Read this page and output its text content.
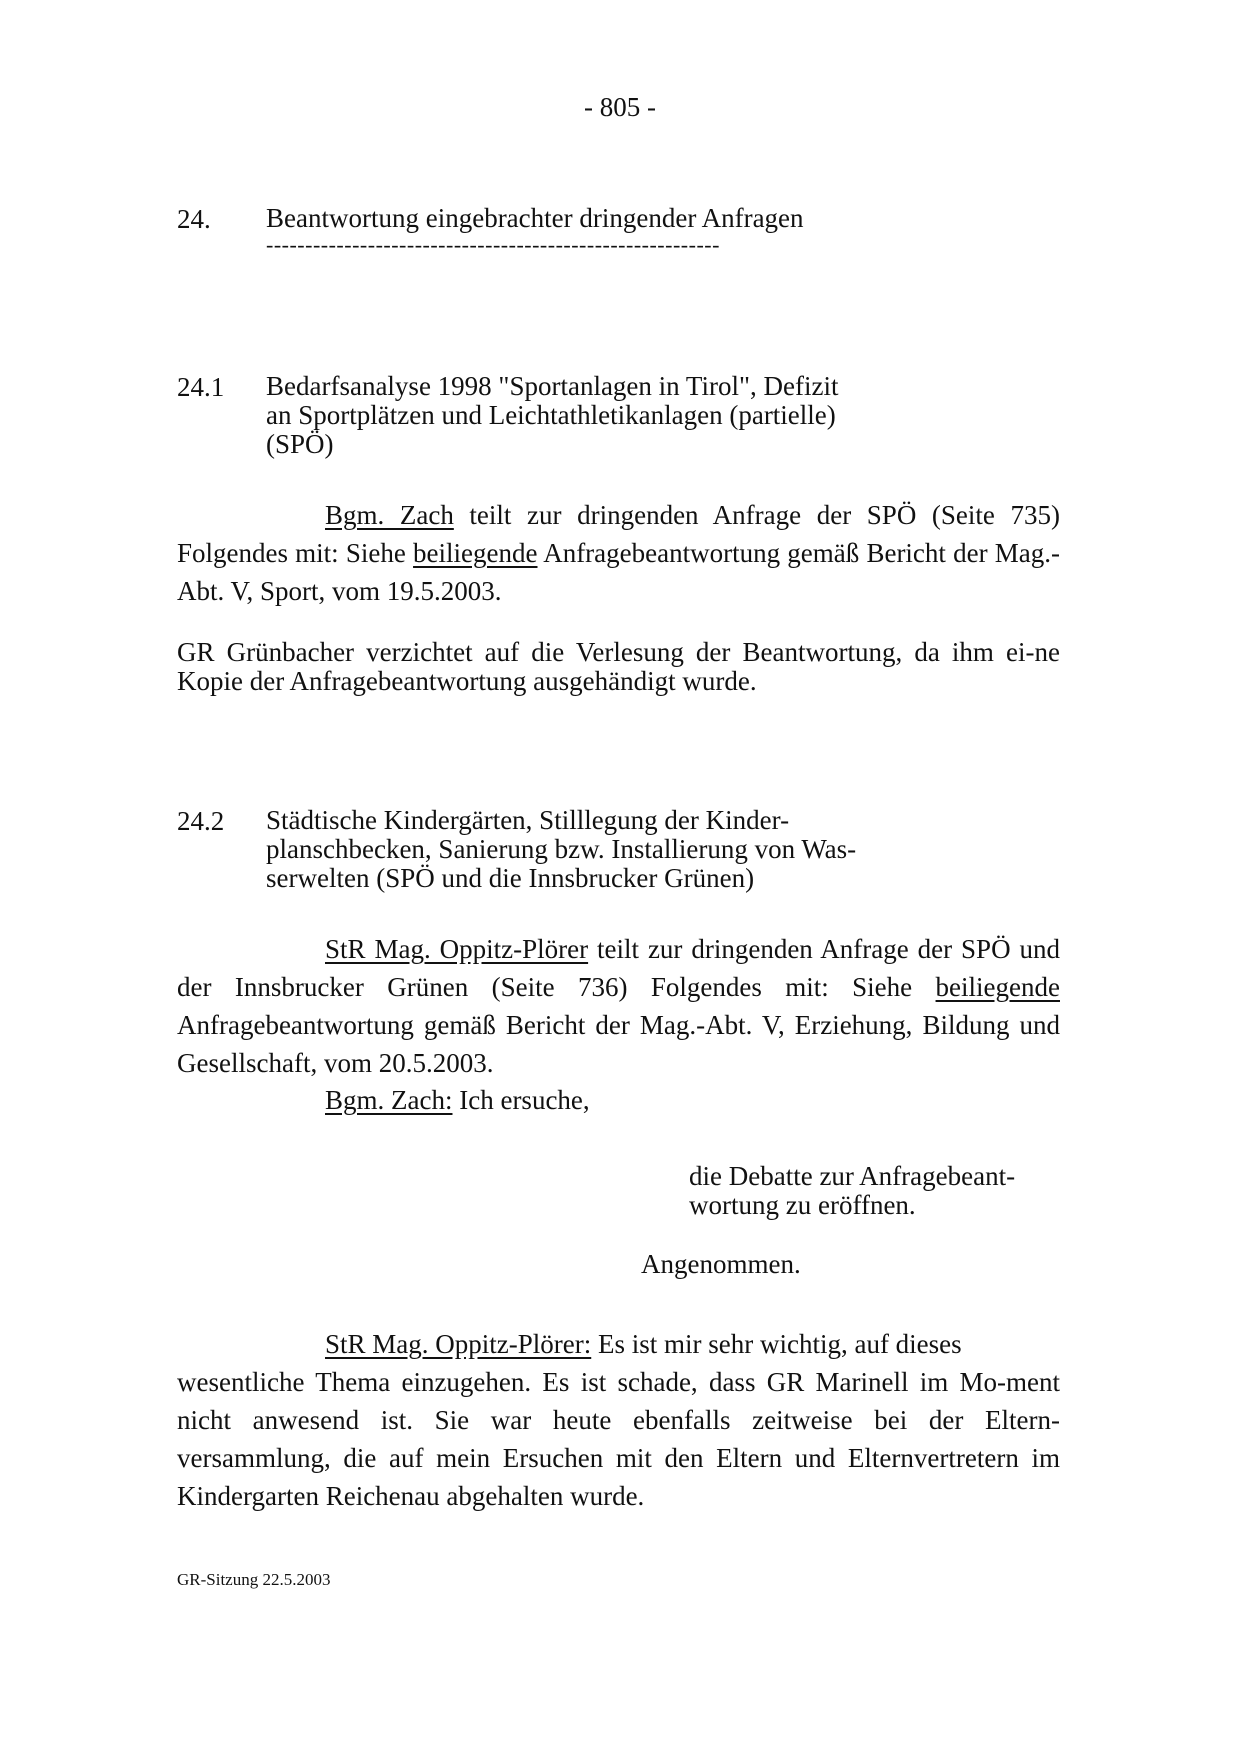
- 805 -
24. Beantwortung eingebrachter dringender Anfragen
----------------------------------------------------------
24.1 Bedarfsanalyse 1998 "Sportanlagen in Tirol", Defizit
an Sportplätzen und Leichtathletikanlagen (partielle)
(SPÖ)
Bgm. Zach teilt zur dringenden Anfrage der SPÖ (Seite 735) Folgendes mit: Siehe beiliegende Anfragebeantwortung gemäß Bericht der Mag.-Abt. V, Sport, vom 19.5.2003.
GR Grünbacher verzichtet auf die Verlesung der Beantwortung, da ihm ei-ne Kopie der Anfragebeantwortung ausgehändigt wurde.
24.2 Städtische Kindergärten, Stilllegung der Kinder-
planschbecken, Sanierung bzw. Installierung von Was-
serwelten (SPÖ und die Innsbrucker Grünen)
StR Mag. Oppitz-Plörer teilt zur dringenden Anfrage der SPÖ und der Innsbrucker Grünen (Seite 736) Folgendes mit: Siehe beiliegende Anfragebeantwortung gemäß Bericht der Mag.-Abt. V, Erziehung, Bildung und Gesellschaft, vom 20.5.2003.
Bgm. Zach: Ich ersuche,
die Debatte zur Anfragebeant-
wortung zu eröffnen.
Angenommen.
StR Mag. Oppitz-Plörer: Es ist mir sehr wichtig, auf dieses
wesentliche Thema einzugehen. Es ist schade, dass GR Marinell im Mo-ment nicht anwesend ist. Sie war heute ebenfalls zeitweise bei der Eltern-versammlung, die auf mein Ersuchen mit den Eltern und Elternvertretern im Kindergarten Reichenau abgehalten wurde.
GR-Sitzung 22.5.2003
